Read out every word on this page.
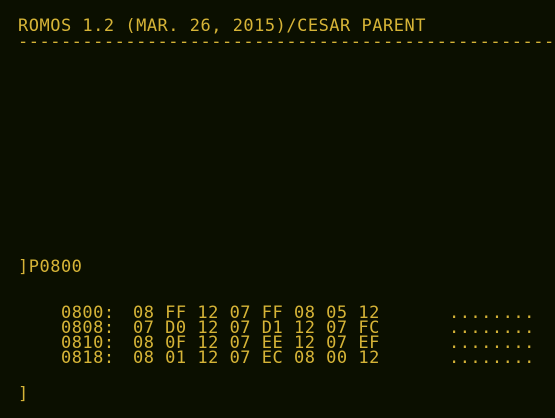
ROMOS 1.2 (MAR. 26, 2015)/CESAR PARENT
--------------------------------------------------
]P0800

0800: 08 FF 12 07 FF 08 05 12	........

0808: 07 D0 12 07 D1 12 07 FC	........

0810: 08 0F 12 07 EE 12 07 EF	........

0818: 08 01 12 07 EC 08 00 12	........

]
